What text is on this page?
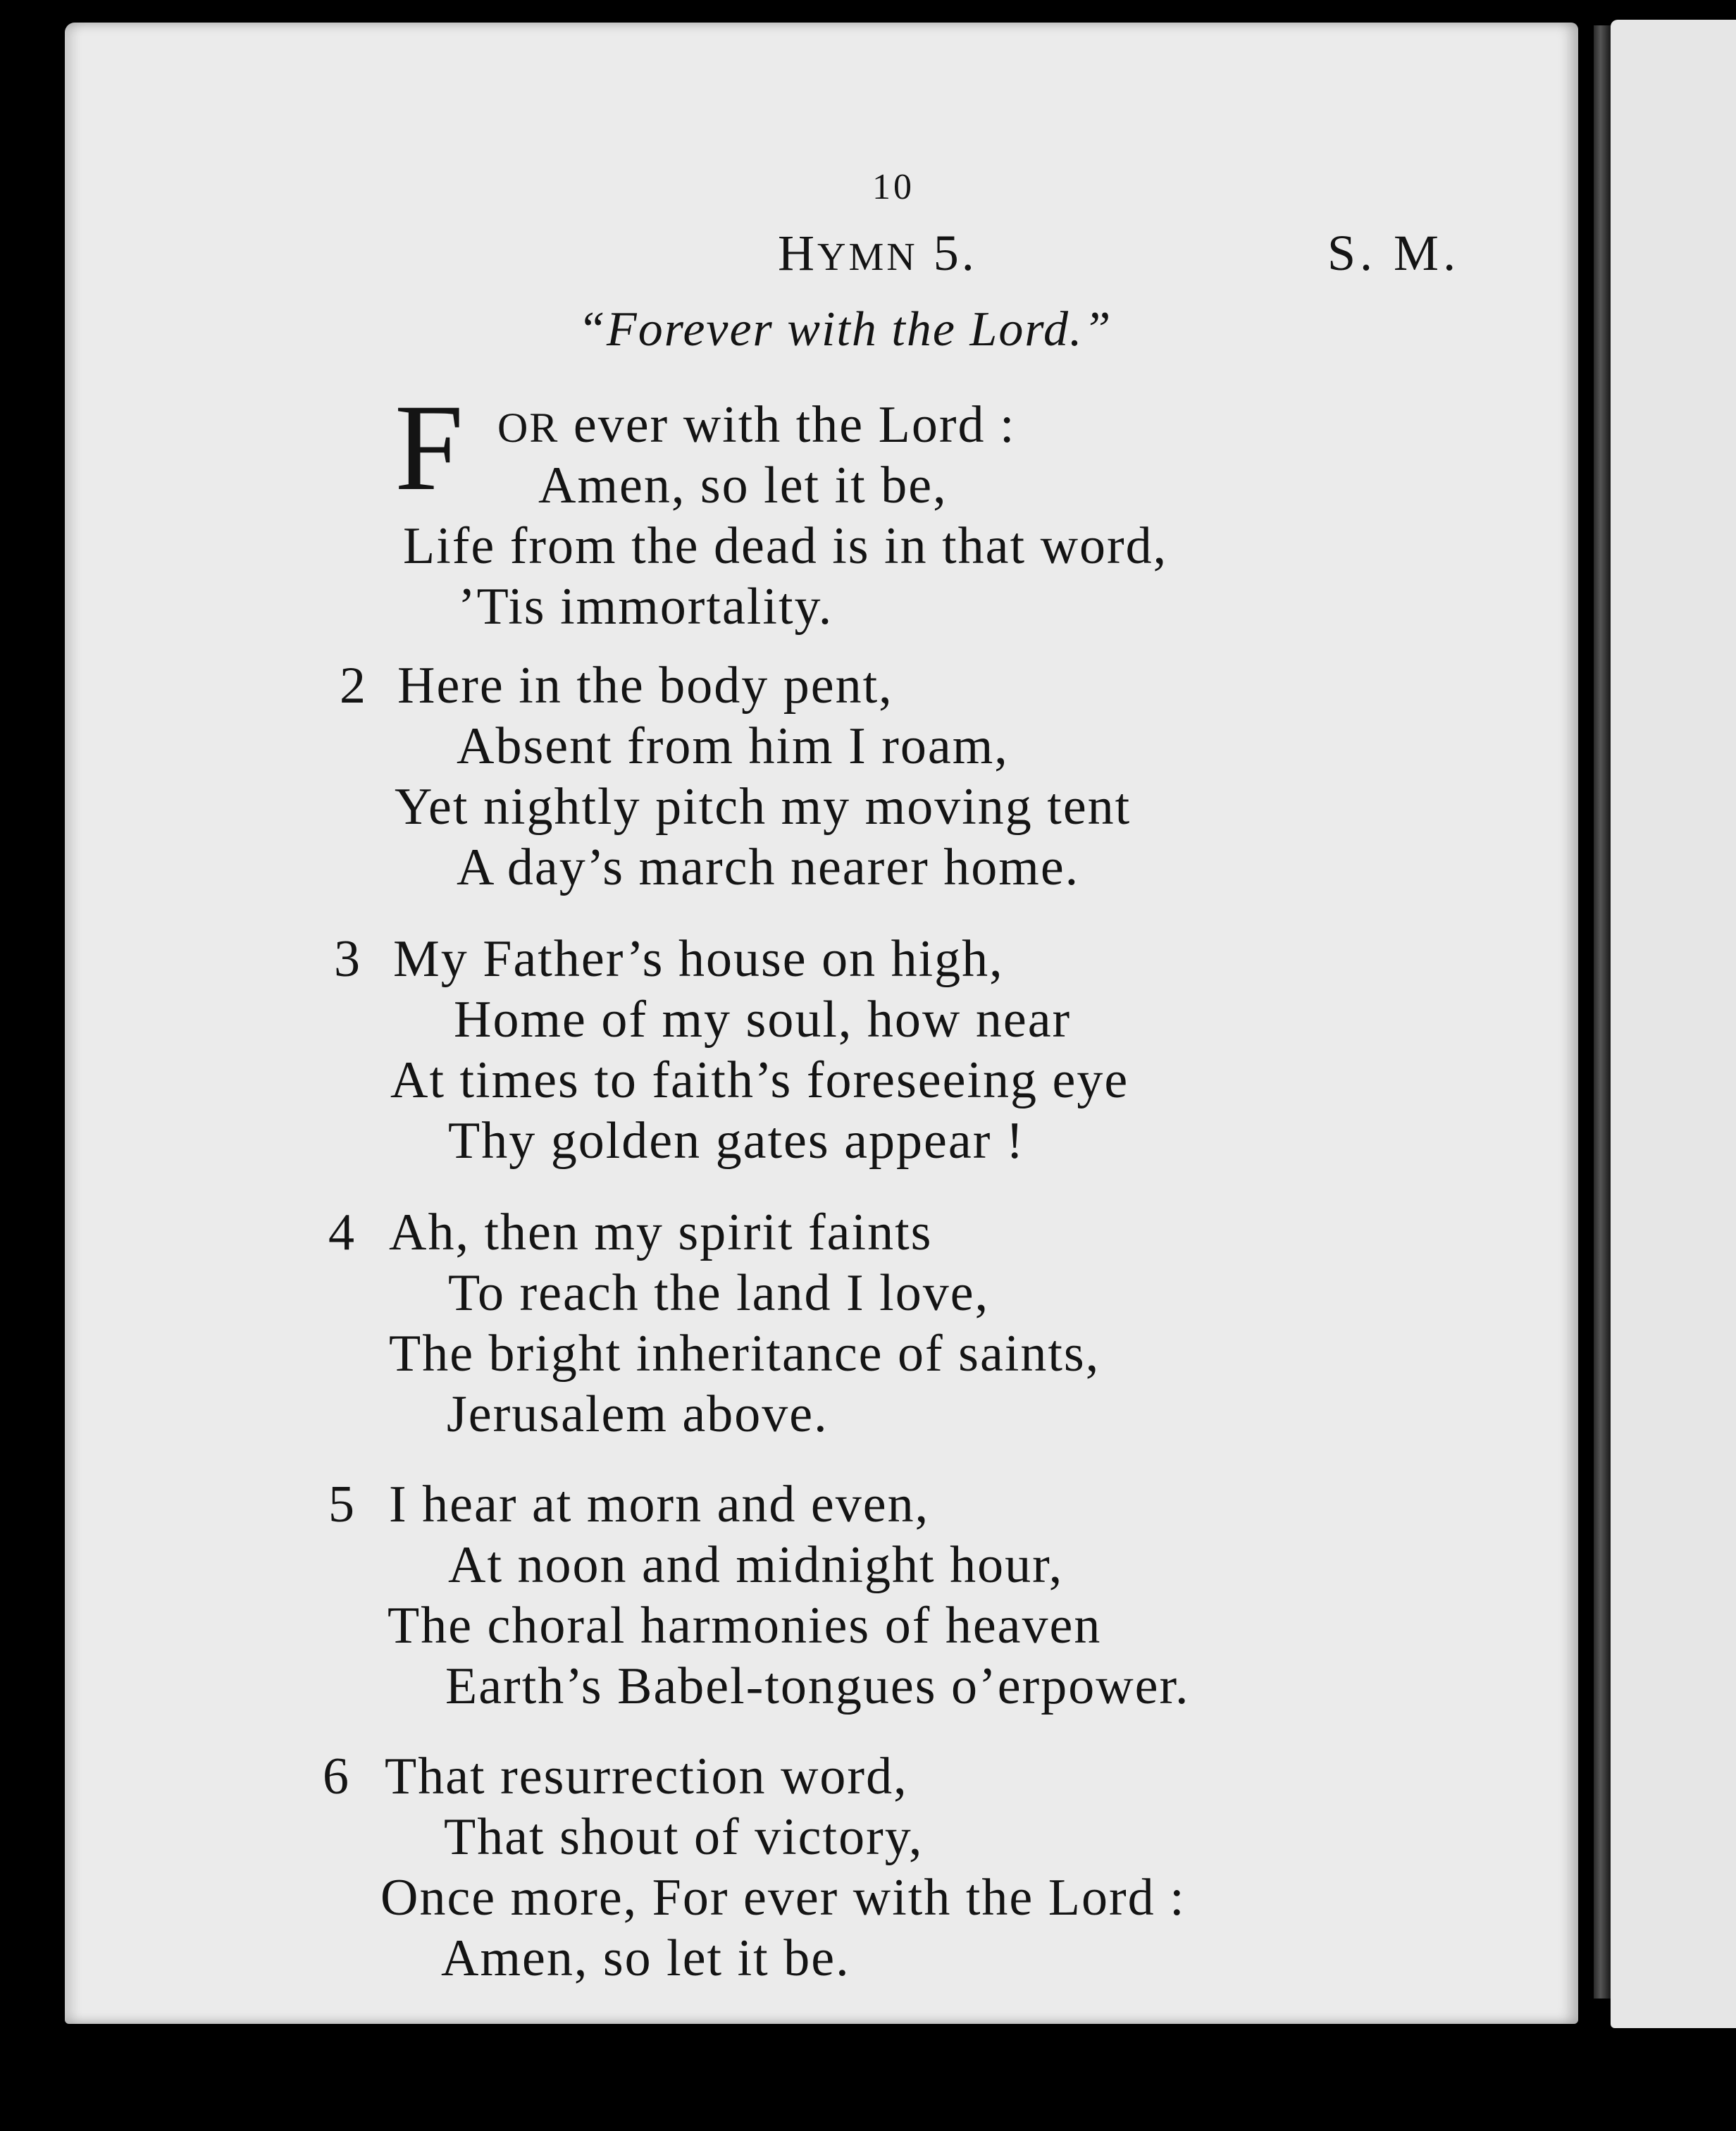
10
HYMN 5.	S. M.
“Forever with the Lord.”
F OR ever with the Lord :
Amen, so let it be,
Life from the dead is in that word,
’Tis immortality.
2 Here in the body pent,
Absent from him I roam,
Yet nightly pitch my moving tent
A day’s march nearer home.
3 My Father’s house on high,
Home of my soul, how near
At times to faith’s foreseeing eye
Thy golden gates appear !
4 Ah, then my spirit faints
To reach the land I love,
The bright inheritance of saints,
Jerusalem above.
5 I hear at morn and even,
At noon and midnight hour,
The choral harmonies of heaven
Earth’s Babel-tongues o’erpower.
6 That resurrection word,
That shout of victory,
Once more, For ever with the Lord :
Amen, so let it be.
